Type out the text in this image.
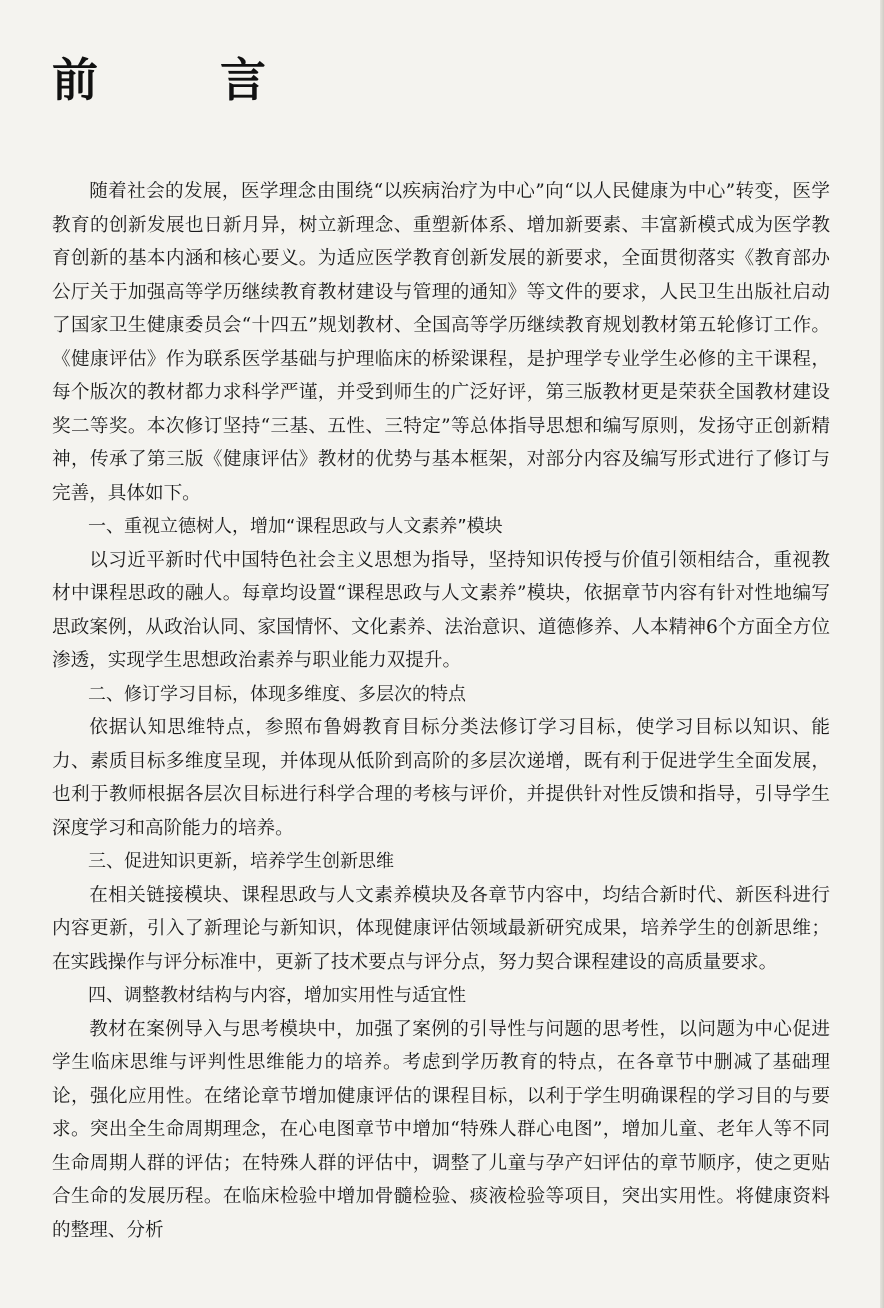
前　言

随着社会的发展，医学理念由围绕“以疾病治疗为中心”向“以人民健康为中心”转变，医学教育的创新发展也日新月异，树立新理念、重塑新体系、增加新要素、丰富新模式成为医学教育创新的基本内涵和核心要义。为适应医学教育创新发展的新要求，全面贯彻落实《教育部办公厅关于加强高等学历继续教育教材建设与管理的通知》等文件的要求，人民卫生出版社启动了国家卫生健康委员会“十四五”规划教材、全国高等学历继续教育规划教材第五轮修订工作。《健康评估》作为联系医学基础与护理临床的桥梁课程，是护理学专业学生必修的主干课程，每个版次的教材都力求科学严谨，并受到师生的广泛好评，第三版教材更是荣获全国教材建设奖二等奖。本次修订坚持“三基、五性、三特定”等总体指导思想和编写原则，发扬守正创新精神，传承了第三版《健康评估》教材的优势与基本框架，对部分内容及编写形式进行了修订与完善，具体如下。

一、重视立德树人，增加“课程思政与人文素养”模块

以习近平新时代中国特色社会主义思想为指导，坚持知识传授与价值引领相结合，重视教材中课程思政的融人。每章均设置“课程思政与人文素养”模块，依据章节内容有针对性地编写思政案例，从政治认同、家国情怀、文化素养、法治意识、道德修养、人本精神6个方面全方位渗透，实现学生思想政治素养与职业能力双提升。

二、修订学习目标，体现多维度、多层次的特点

依据认知思维特点，参照布鲁姆教育目标分类法修订学习目标，使学习目标以知识、能力、素质目标多维度呈现，并体现从低阶到高阶的多层次递增，既有利于促进学生全面发展，也利于教师根据各层次目标进行科学合理的考核与评价，并提供针对性反馈和指导，引导学生深度学习和高阶能力的培养。

三、促进知识更新，培养学生创新思维

在相关链接模块、课程思政与人文素养模块及各章节内容中，均结合新时代、新医科进行内容更新，引入了新理论与新知识，体现健康评估领域最新研究成果，培养学生的创新思维；在实践操作与评分标准中，更新了技术要点与评分点，努力契合课程建设的高质量要求。

四、调整教材结构与内容，增加实用性与适宜性

教材在案例导入与思考模块中，加强了案例的引导性与问题的思考性，以问题为中心促进学生临床思维与评判性思维能力的培养。考虑到学历教育的特点，在各章节中删减了基础理论，强化应用性。在绪论章节增加健康评估的课程目标，以利于学生明确课程的学习目的与要求。突出全生命周期理念，在心电图章节中增加“特殊人群心电图”，增加儿童、老年人等不同生命周期人群的评估；在特殊人群的评估中，调整了儿童与孕产妇评估的章节顺序，使之更贴合生命的发展历程。在临床检验中增加骨髓检验、痰液检验等项目，突出实用性。将健康资料的整理、分析
